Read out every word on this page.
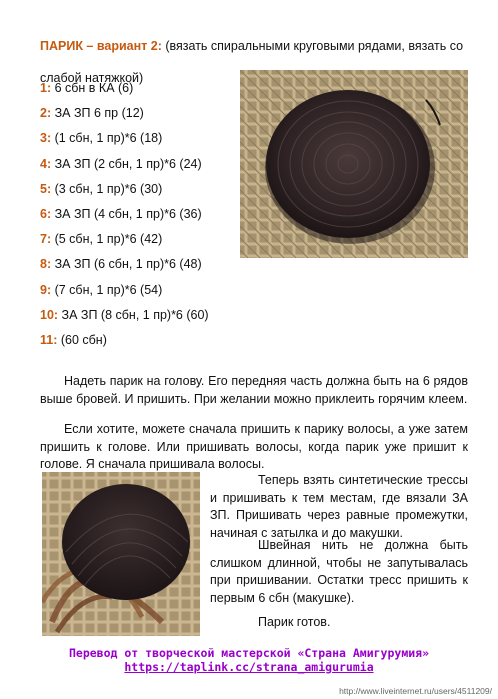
ПАРИК – вариант 2: (вязать спиральными круговыми рядами, вязать со слабой натяжкой)
1: 6 сбн в КА (6)
2: ЗА ЗП 6 пр (12)
3: (1 сбн, 1 пр)*6 (18)
4: ЗА ЗП (2 сбн, 1 пр)*6 (24)
5: (3 сбн, 1 пр)*6 (30)
6: ЗА ЗП (4 сбн, 1 пр)*6 (36)
7: (5 сбн, 1 пр)*6 (42)
8: ЗА ЗП (6 сбн, 1 пр)*6 (48)
9: (7 сбн, 1 пр)*6 (54)
10: ЗА ЗП (8 сбн, 1 пр)*6 (60)
11: (60 сбн)

Надеть парик на голову. Его передняя часть должна быть на 6 рядов выше бровей. И пришить. При желании можно приклеить горячим клеем.

Если хотите, можете сначала пришить к парику волосы, а уже затем пришить к голове. Или пришивать волосы, когда парик уже пришит к голове. Я сначала пришивала волосы.

Теперь взять синтетические трессы и пришивать к тем местам, где вязали ЗА ЗП. Пришивать через равные промежутки, начиная с затылка и до макушки.

Швейная нить не должна быть слишком длинной, чтобы не запутывалась при пришивании. Остатки тресс пришить к первым 6 сбн (макушке).

Парик готов.

Перевод от творческой мастерской «Страна Амигурумия»
https://taplink.cc/strana_amigurumia
http://www.liveinternet.ru/users/4511209/
